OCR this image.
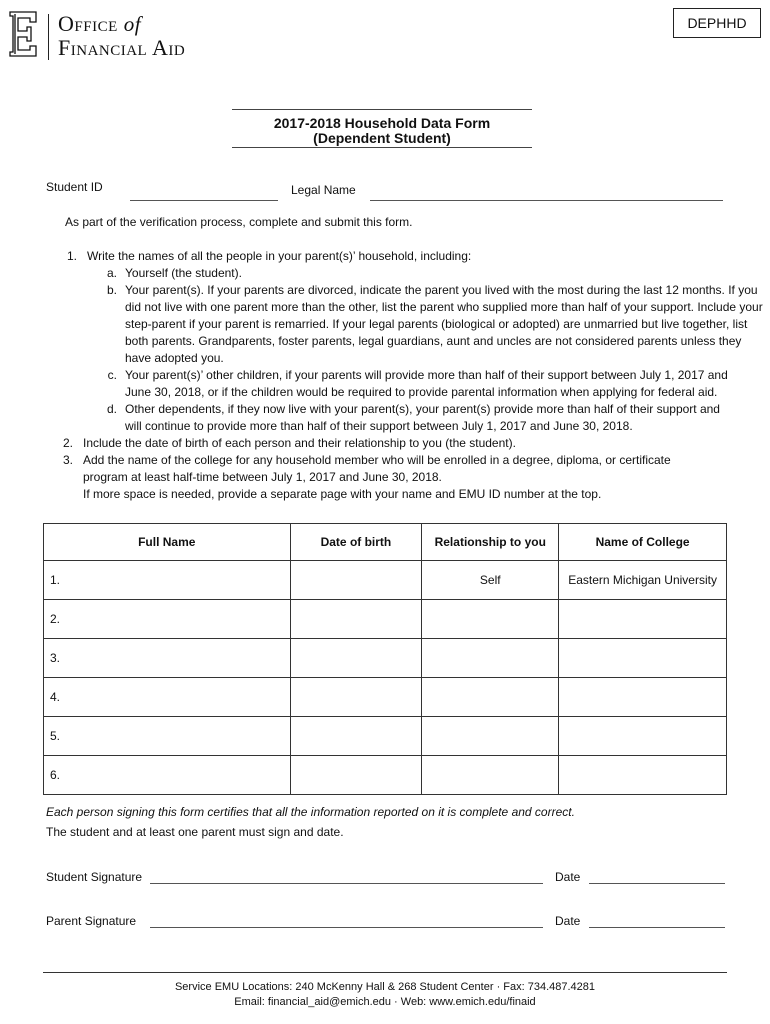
Office of
Financial Aid
DEPHHD
2017-2018 Household Data Form
(Dependent Student)
Student ID	Legal Name
As part of the verification process, complete and submit this form.
1. Write the names of all the people in your parent(s)’ household, including:
a. Yourself (the student).
b. Your parent(s). If your parents are divorced, indicate the parent you lived with the most during the last 12 months. If you did not live with one parent more than the other, list the parent who supplied more than half of your support. Include your step-parent if your parent is remarried. If your legal parents (biological or adopted) are unmarried but live together, list both parents. Grandparents, foster parents, legal guardians, aunt and uncles are not considered parents unless they have adopted you.
c. Your parent(s)’ other children, if your parents will provide more than half of their support between July 1, 2017 and June 30, 2018, or if the children would be required to provide parental information when applying for federal aid.
d. Other dependents, if they now live with your parent(s), your parent(s) provide more than half of their support and will continue to provide more than half of their support between July 1, 2017 and June 30, 2018.
2. Include the date of birth of each person and their relationship to you (the student).
3. Add the name of the college for any household member who will be enrolled in a degree, diploma, or certificate program at least half-time between July 1, 2017 and June 30, 2018.
If more space is needed, provide a separate page with your name and EMU ID number at the top.
Full Name	Date of birth	Relationship to you	Name of College
1.		Self	Eastern Michigan University
2.			
3.			
4.			
5.			
6.			
Each person signing this form certifies that all the information reported on it is complete and correct.
The student and at least one parent must sign and date.
Student Signature	Date
Parent Signature	Date
Service EMU Locations: 240 McKenny Hall & 268 Student Center · Fax: 734.487.4281
Email: financial_aid@emich.edu · Web: www.emich.edu/finaid
